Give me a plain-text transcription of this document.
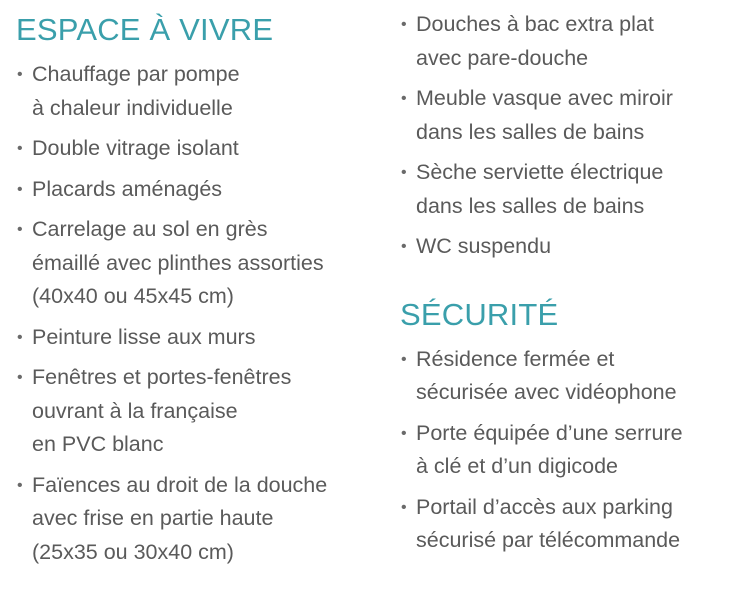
ESPACE À VIVRE
• Chauffage par pompe
à chaleur individuelle
• Double vitrage isolant
• Placards aménagés
• Carrelage au sol en grès
émaillé avec plinthes assorties
(40x40 ou 45x45 cm)
• Peinture lisse aux murs
• Fenêtres et portes-fenêtres
ouvrant à la française
en PVC blanc
• Faïences au droit de la douche
avec frise en partie haute
(25x35 ou 30x40 cm)
• Douches à bac extra plat
avec pare-douche
• Meuble vasque avec miroir
dans les salles de bains
• Sèche serviette électrique
dans les salles de bains
• WC suspendu
SÉCURITÉ
• Résidence fermée et
sécurisée avec vidéophone
• Porte équipée d’une serrure
à clé et d’un digicode
• Portail d’accès aux parking
sécurisé par télécommande
